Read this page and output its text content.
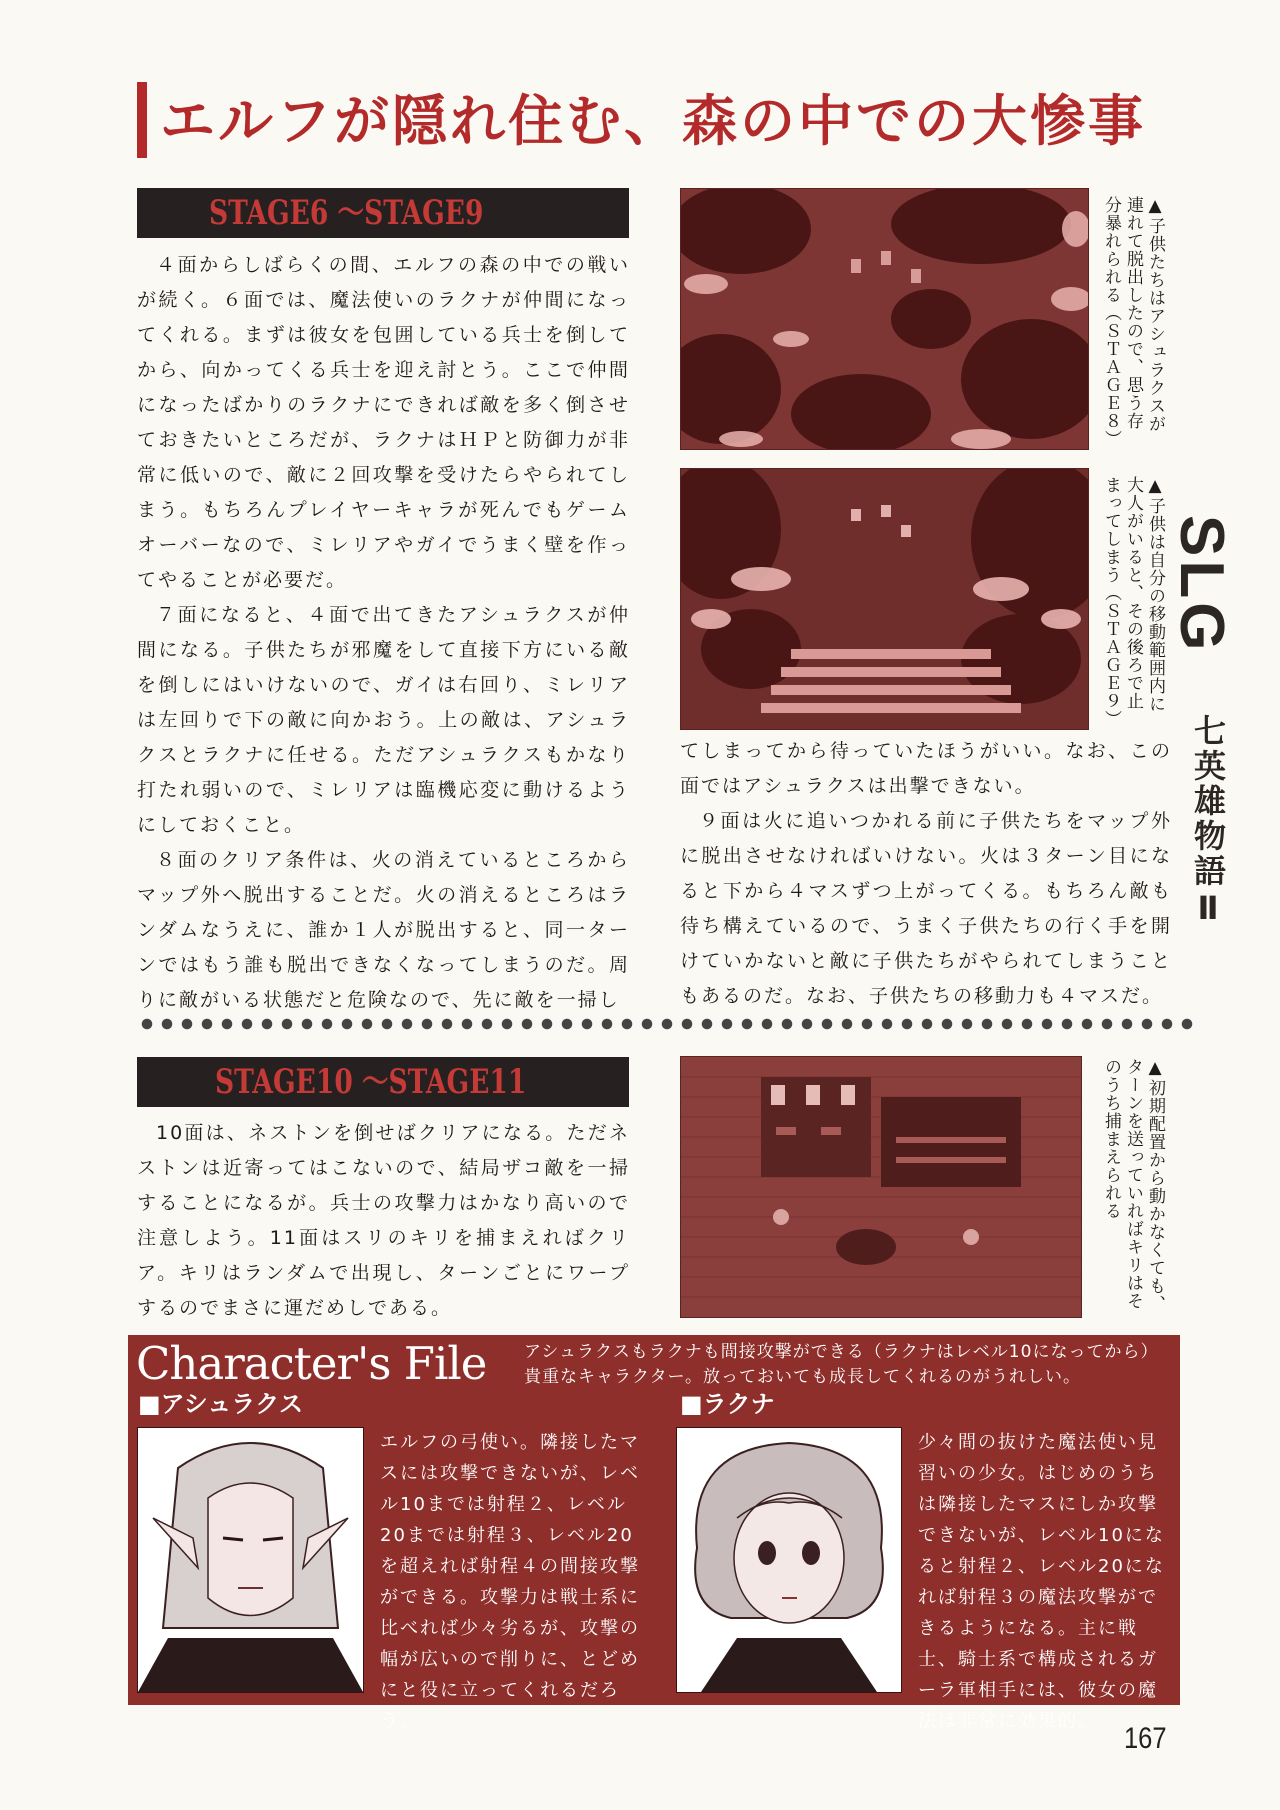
エルフが隠れ住む、森の中での大惨事
STAGE6 ～STAGE9

４面からしばらくの間、エルフの森の中での戦いが続く。６面では、魔法使いのラクナが仲間になってくれる。まずは彼女を包囲している兵士を倒してから、向かってくる兵士を迎え討とう。ここで仲間になったばかりのラクナにできれば敵を多く倒させておきたいところだが、ラクナはＨＰと防御力が非常に低いので、敵に２回攻撃を受けたらやられてしまう。もちろんプレイヤーキャラが死んでもゲームオーバーなので、ミレリアやガイでうまく壁を作ってやることが必要だ。

７面になると、４面で出てきたアシュラクスが仲間になる。子供たちが邪魔をして直接下方にいる敵を倒しにはいけないので、ガイは右回り、ミレリアは左回りで下の敵に向かおう。上の敵は、アシュラクスとラクナに任せる。ただアシュラクスもかなり打たれ弱いので、ミレリアは臨機応変に動けるようにしておくこと。

８面のクリア条件は、火の消えているところからマップ外へ脱出することだ。火の消えるところはランダムなうえに、誰か１人が脱出すると、同一ターンではもう誰も脱出できなくなってしまうのだ。周りに敵がいる状態だと危険なので、先に敵を一掃し

▲子供たちはアシュラクスが連れて脱出したので、思う存分暴れられる（ＳＴＡＧＥ８）
▲子供は自分の移動範囲内に大人がいると、その後ろで止まってしまう（ＳＴＡＧＥ９）

てしまってから待っていたほうがいい。なお、この面ではアシュラクスは出撃できない。

９面は火に追いつかれる前に子供たちをマップ外に脱出させなければいけない。火は３ターン目になると下から４マスずつ上がってくる。もちろん敵も待ち構えているので、うまく子供たちの行く手を開けていかないと敵に子供たちがやられてしまうこともあるのだ。なお、子供たちの移動力も４マスだ。

STAGE10 ～STAGE11

10面は、ネストンを倒せばクリアになる。ただネストンは近寄ってはこないので、結局ザコ敵を一掃することになるが。兵士の攻撃力はかなり高いので注意しよう。11面はスリのキリを捕まえればクリア。キリはランダムで出現し、ターンごとにワープするのでまさに運だめしである。	▲初期配置から動かなくても、ターンを送っていればキリはそのうち捕まえられる
SLG
七英雄物語Ⅱ
Character's File アシュラクスもラクナも間接攻撃ができる（ラクナはレベル10になってから）貴重なキャラクター。放っておいても成長してくれるのがうれしい。
■アシュラクス
エルフの弓使い。隣接したマスには攻撃できないが、レベル10までは射程２、レベル20までは射程３、レベル20を超えれば射程４の間接攻撃ができる。攻撃力は戦士系に比べれば少々劣るが、攻撃の幅が広いので削りに、とどめにと役に立ってくれるだろう。
■ラクナ
少々間の抜けた魔法使い見習いの少女。はじめのうちは隣接したマスにしか攻撃できないが、レベル10になると射程２、レベル20になれば射程３の魔法攻撃ができるようになる。主に戦士、騎士系で構成されるガーラ軍相手には、彼女の魔法は非常に効果的。
167
